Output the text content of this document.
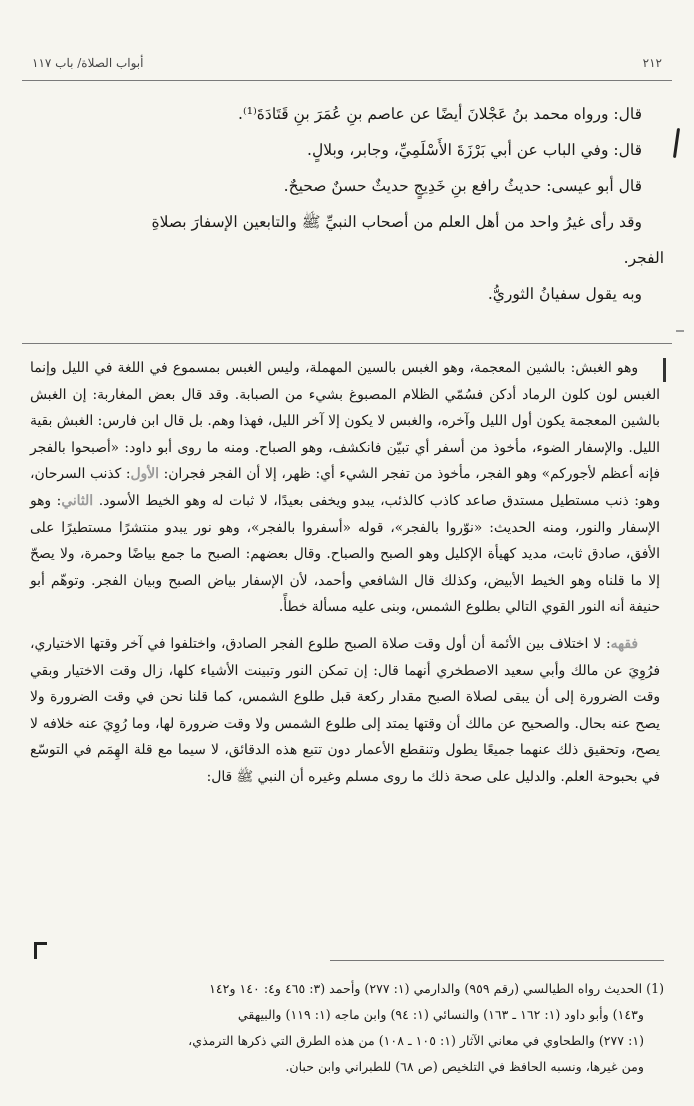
٢١٢
أبواب الصلاة/ باب ١١٧

قال: ورواه محمد بنُ عَجْلانَ أيضًا عن عاصم بنِ عُمَرَ بنِ قَتَادَةَ⁽¹⁾.

قال: وفي الباب عن أبي بَرْزَةَ الأَسْلَمِيِّ، وجابر، وبلالٍ.

قال أبو عيسى: حديثُ رافع بنِ خَدِيجٍ حديثٌ حسنٌ صحيحٌ.

وقد رأى غيرُ واحد من أهل العلم من أصحاب النبيِّ ﷺ والتابعين الإسفارَ بصلاةِ

الفجر.

وبه يقول سفيانُ الثوريُّ.

وهو الغبش: بالشين المعجمة، وهو الغبس بالسين المهملة، وليس الغبس بمسموع في اللغة في الليل وإنما الغبس لون كلون الرماد أدكن فسُمّي الظلام المصبوغ بشيء من الصبابة. وقد قال بعض المغاربة: إن الغبش بالشين المعجمة يكون أول الليل وآخره، والغبس لا يكون إلا آخر الليل، فهذا وهم. بل قال ابن فارس: الغبش بقية الليل. والإسفار الضوء، مأخوذ من أسفر أي تبيّن فانكشف، وهو الصباح. ومنه ما روى أبو داود: «أصبحوا بالفجر فإنه أعظم لأجوركم» وهو الفجر، مأخوذ من تفجر الشيء أي: ظهر، إلا أن الفجر فجران: الأول: كذنب السرحان، وهو: ذنب مستطيل مستدق صاعد كاذب كالذئب، يبدو ويخفى بعيدًا، لا ثبات له وهو الخيط الأسود. الثاني: وهو الإسفار والنور، ومنه الحديث: «نوّروا بالفجر»، قوله «أسفروا بالفجر»، وهو نور يبدو منتشرًا مستطيرًا على الأفق، صادق ثابت، مديد كهيأة الإكليل وهو الصبح والصباح. وقال بعضهم: الصبح ما جمع بياضًا وحمرة، ولا يصحّ إلا ما قلناه وهو الخيط الأبيض، وكذلك قال الشافعي وأحمد، لأن الإسفار بياض الصبح وبيان الفجر. وتوهّم أبو حنيفة أنه النور القوي التالي بطلوع الشمس، وبنى عليه مسألة خطأً.

فقهه: لا اختلاف بين الأئمة أن أول وقت صلاة الصبح طلوع الفجر الصادق، واختلفوا في آخر وقتها الاختياري، فرُوِيَ عن مالك وأبي سعيد الاصطخري أنهما قال: إن تمكن النور وتبينت الأشياء كلها، زال وقت الاختيار وبقي وقت الضرورة إلى أن يبقى لصلاة الصبح مقدار ركعة قبل طلوع الشمس، كما قلنا نحن في وقت الضرورة ولا يصح عنه بحال. والصحيح عن مالك أن وقتها يمتد إلى طلوع الشمس ولا وقت ضرورة لها، وما رُوِيَ عنه خلافه لا يصح، وتحقيق ذلك عنهما جميعًا يطول وتنقطع الأعمار دون تتبع هذه الدقائق، لا سيما مع قلة الهِمَم في التوسّع في بحبوحة العلم. والدليل على صحة ذلك ما روى مسلم وغيره أن النبي ﷺ قال:

(1) الحديث رواه الطيالسي (رقم ٩٥٩) والدارمي (١: ٢٧٧) وأحمد (٣: ٤٦٥ و٤: ١٤٠ و١٤٢

و١٤٣) وأبو داود (١: ١٦٢ ـ ١٦٣) والنسائي (١: ٩٤) وابن ماجه (١: ١١٩) والبيهقي

(١: ٢٧٧) والطحاوي في معاني الآثار (١: ١٠٥ ـ ١٠٨) من هذه الطرق التي ذكرها الترمذي،

ومن غيرها، ونسبه الحافظ في التلخيص (ص ٦٨) للطبراني وابن حبان.
